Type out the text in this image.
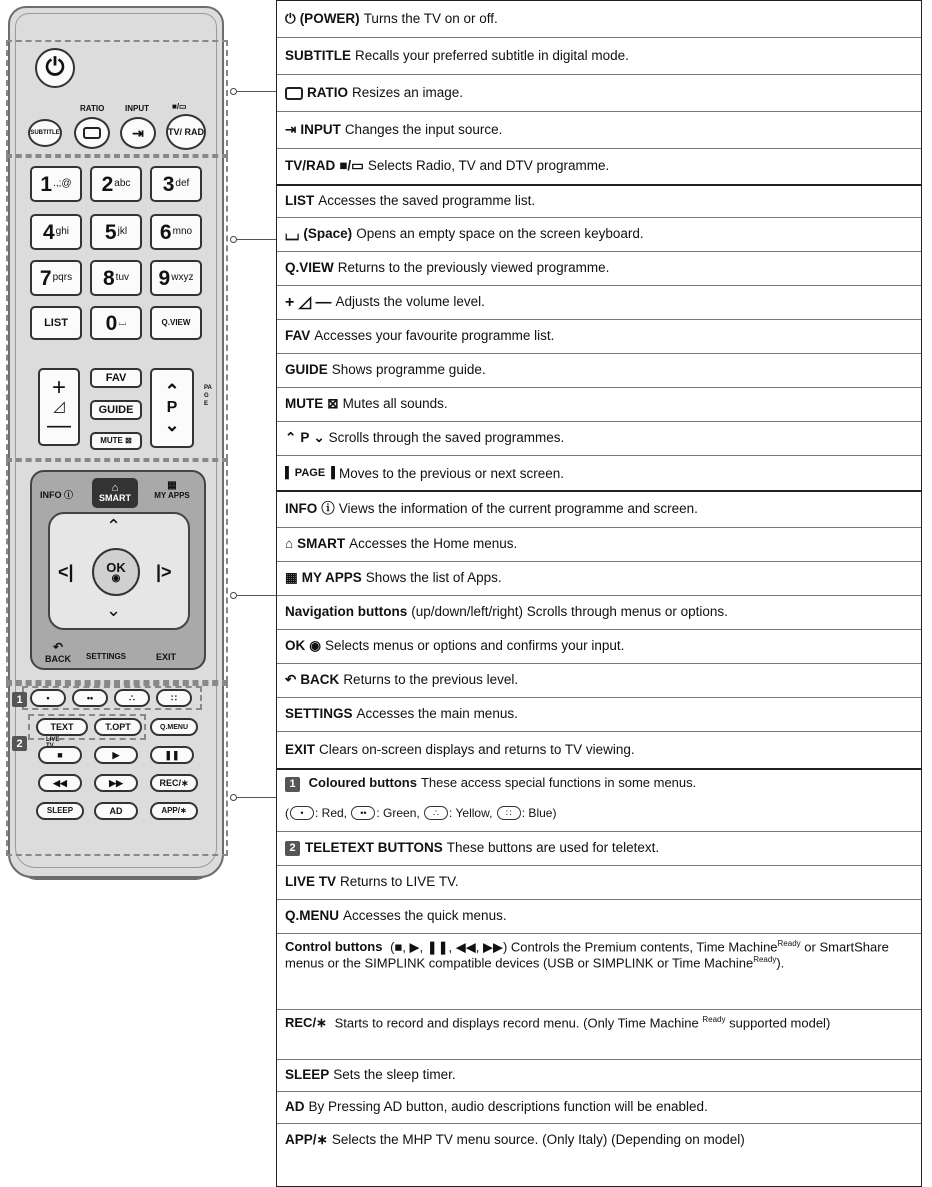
⏻
RATIO	INPUT	■/▭
SUBTITLE	⇥	TV/ RAD
1 .,;@ 2 abc 3 def
4 ghi 5 jkl 6 mno
7 pqrs 8 tuv 9 wxyz
LIST	0 ⌴	Q.VIEW
+
◿
—
FAV
GUIDE
MUTE ⊠
⌃
P
⌄
PAGE
INFO ⓘ
⌂
SMART
▦
MY APPS
⌃
⌄
<|	|>
OK
◉
↶
BACK SETTINGS	EXIT
⏻ (POWER) Turns the TV on or off.
SUBTITLE Recalls your preferred subtitle in digital mode.
RATIO Resizes an image.
⇥ INPUT Changes the input source.
TV/RAD ■/▭ Selects Radio, TV and DTV programme.
LIST Accesses the saved programme list.
⌴ (Space) Opens an empty space on the screen keyboard.
Q.VIEW Returns to the previously viewed programme.
+ ◿ — Adjusts the volume level.
FAV Accesses your favourite programme list.
GUIDE Shows programme guide.
MUTE ⊠ Mutes all sounds.
⌃ P ⌄ Scrolls through the saved programmes.
▌ PAGE ▐ Moves to the previous or next screen.
INFO ⓘ Views the information of the current programme and screen.
⌂ SMART Accesses the Home menus.
▦ MY APPS Shows the list of Apps.
Navigation buttons (up/down/left/right) Scrolls through menus or options.
OK ◉ Selects menus or options and confirms your input.
↶ BACK Returns to the previous level.
SETTINGS Accesses the main menus.
EXIT Clears on-screen displays and returns to TV viewing.
1 Coloured buttons These access special functions in some menus.
( • : Red, •• : Green, ∴ : Yellow, ∷ : Blue)
2 TELETEXT BUTTONS These buttons are used for teletext.
LIVE TV Returns to LIVE TV.
Q.MENU Accesses the quick menus.
Control buttons (■, ▶, ❚❚, ◀◀, ▶▶) Controls the Premium contents, Time Machine$^{Ready}$ or SmartShare menus or the SIMPLINK compatible devices (USB or SIMPLINK or Time Machine$^{Ready}$).
REC/∗ Starts to record and displays record menu. (Only Time Machine $^{Ready}$ supported model)
SLEEP Sets the sleep timer.
AD By Pressing AD button, audio descriptions function will be enabled.
APP/∗ Selects the MHP TV menu source. (Only Italy) (Depending on model)
1
2
•	••	∴	∷
TEXT	T.OPT	Q.MENU
LIVE
■	▶	❚❚
◀◀	▶▶	REC/∗
SLEEP	AD	APP/∗
